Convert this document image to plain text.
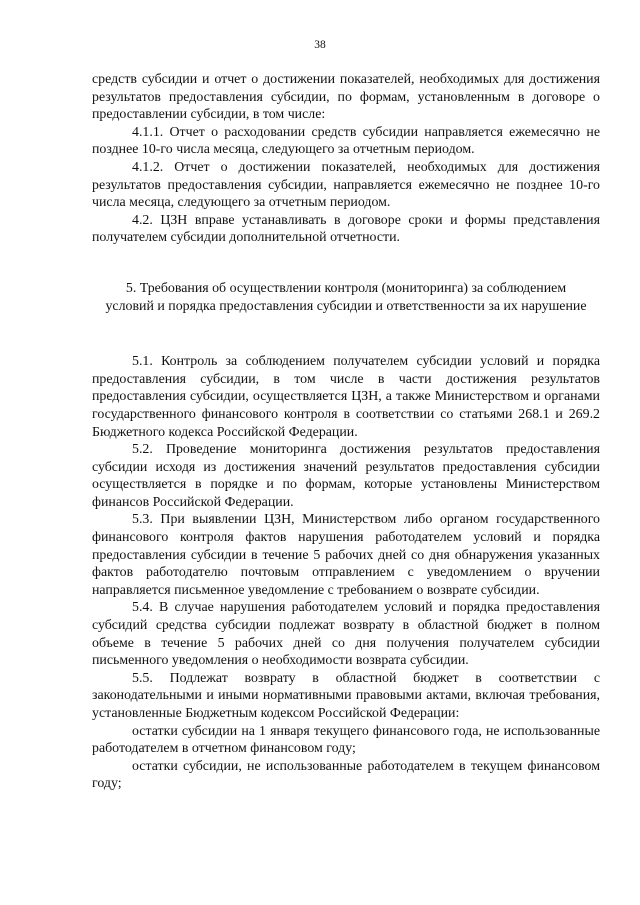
38

средств субсидии и отчет о достижении показателей, необходимых для достижения результатов предоставления субсидии, по формам, установленным в договоре о предоставлении субсидии, в том числе:

4.1.1. Отчет о расходовании средств субсидии направляется ежемесячно не позднее 10-го числа месяца, следующего за отчетным периодом.

4.1.2. Отчет о достижении показателей, необходимых для достижения результатов предоставления субсидии, направляется ежемесячно не позднее 10-го числа месяца, следующего за отчетным периодом.

4.2. ЦЗН вправе устанавливать в договоре сроки и формы представления получателем субсидии дополнительной отчетности.

5. Требования об осуществлении контроля (мониторинга) за соблюдением условий и порядка предоставления субсидии и ответственности за их нарушение

5.1. Контроль за соблюдением получателем субсидии условий и порядка предоставления субсидии, в том числе в части достижения результатов предоставления субсидии, осуществляется ЦЗН, а также Министерством и органами государственного финансового контроля в соответствии со статьями 268.1 и 269.2 Бюджетного кодекса Российской Федерации.

5.2. Проведение мониторинга достижения результатов предоставления субсидии исходя из достижения значений результатов предоставления субсидии осуществляется в порядке и по формам, которые установлены Министерством финансов Российской Федерации.

5.3. При выявлении ЦЗН, Министерством либо органом государственного финансового контроля фактов нарушения работодателем условий и порядка предоставления субсидии в течение 5 рабочих дней со дня обнаружения указанных фактов работодателю почтовым отправлением с уведомлением о вручении направляется письменное уведомление с требованием о возврате субсидии.

5.4. В случае нарушения работодателем условий и порядка предоставления субсидий средства субсидии подлежат возврату в областной бюджет в полном объеме в течение 5 рабочих дней со дня получения получателем субсидии письменного уведомления о необходимости возврата субсидии.

5.5. Подлежат возврату в областной бюджет в соответствии с законодательными и иными нормативными правовыми актами, включая требования, установленные Бюджетным кодексом Российской Федерации:

остатки субсидии на 1 января текущего финансового года, не использованные работодателем в отчетном финансовом году;

остатки субсидии, не использованные работодателем в текущем финансовом году;
